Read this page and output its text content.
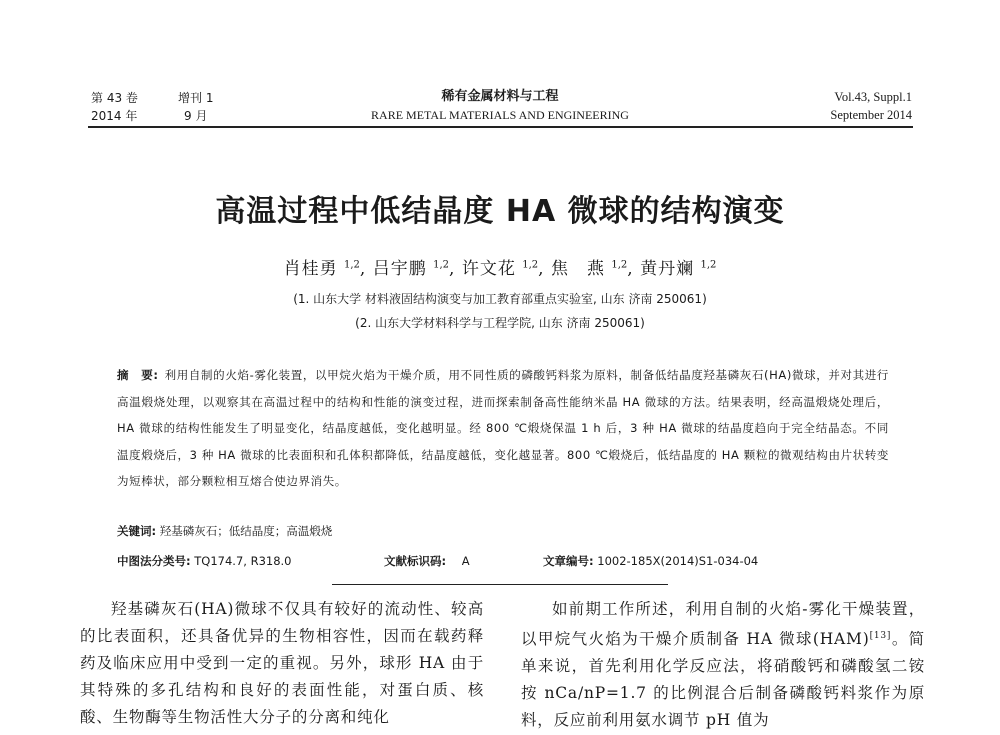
第 43 卷	增刊 1
2014 年	9 月
稀有金属材料与工程
RARE METAL MATERIALS AND ENGINEERING
Vol.43, Suppl.1
September 2014
高温过程中低结晶度 HA 微球的结构演变
肖桂勇 $^{1,2}$, 吕宇鹏 $^{1,2}$, 许文花 $^{1,2}$, 焦　燕 $^{1,2}$, 黄丹斓 $^{1,2}$
(1. 山东大学 材料液固结构演变与加工教育部重点实验室, 山东 济南 250061)
(2. 山东大学材料科学与工程学院, 山东 济南 250061)
摘　要: 利用自制的火焰-雾化装置，以甲烷火焰为干燥介质，用不同性质的磷酸钙料浆为原料，制备低结晶度羟基磷灰石(HA)微球，并对其进行高温煅烧处理，以观察其在高温过程中的结构和性能的演变过程，进而探索制备高性能纳米晶 HA 微球的方法。结果表明，经高温煅烧处理后，HA 微球的结构性能发生了明显变化，结晶度越低，变化越明显。经 800 ℃煅烧保温 1 h 后，3 种 HA 微球的结晶度趋向于完全结晶态。不同温度煅烧后，3 种 HA 微球的比表面积和孔体积都降低，结晶度越低，变化越显著。800 ℃煅烧后，低结晶度的 HA 颗粒的微观结构由片状转变为短棒状，部分颗粒相互熔合使边界消失。
关键词: 羟基磷灰石；低结晶度；高温煅烧
中图法分类号: TQ174.7, R318.0	文献标识码: A	文章编号: 1002-185X(2014)S1-034-04

羟基磷灰石(HA)微球不仅具有较好的流动性、较高的比表面积，还具备优异的生物相容性，因而在载药释药及临床应用中受到一定的重视。另外，球形 HA 由于其特殊的多孔结构和良好的表面性能，对蛋白质、核酸、生物酶等生物活性大分子的分离和纯化

如前期工作所述，利用自制的火焰-雾化干燥装置，以甲烷气火焰为干燥介质制备 HA 微球(HAM)[13]。简单来说，首先利用化学反应法，将硝酸钙和磷酸氢二铵按 nCa/nP=1.7 的比例混合后制备磷酸钙料浆作为原料，反应前利用氨水调节 pH 值为
